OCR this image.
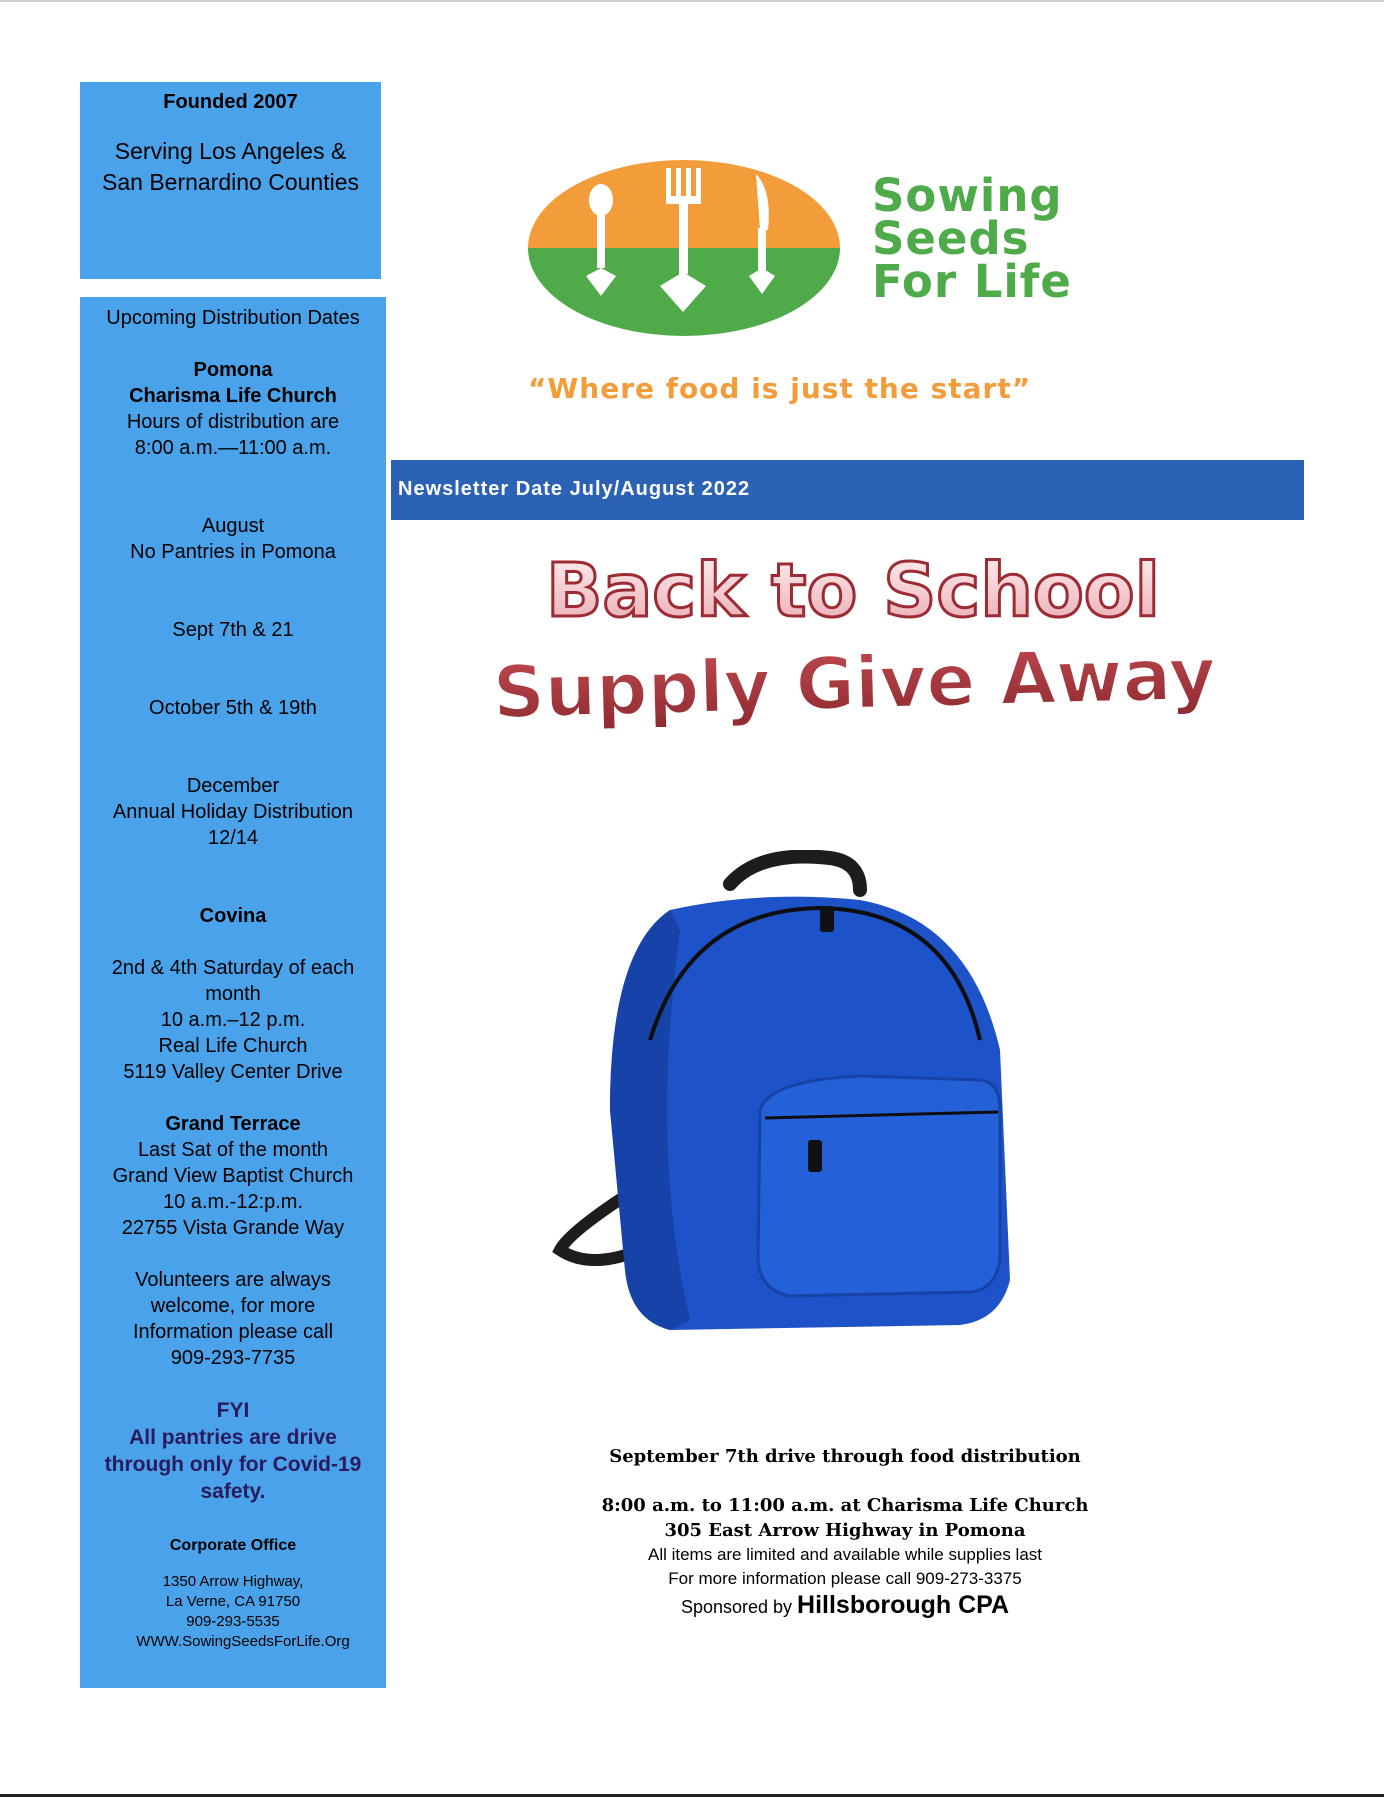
Founded 2007
Serving Los Angeles &
San Bernardino Counties
Upcoming Distribution Dates
Pomona
Charisma Life Church
Hours of distribution are
8:00 a.m.—11:00 a.m.
August
No Pantries in Pomona
Sept 7th & 21
October 5th & 19th
December
Annual Holiday Distribution
12/14
Covina
2nd & 4th Saturday of each
month
10 a.m.–12 p.m.
Real Life Church
5119 Valley Center Drive
Grand Terrace
Last Sat of the month
Grand View Baptist Church
10 a.m.-12:p.m.
22755 Vista Grande Way
Volunteers are always
welcome, for more
Information please call
909-293-7735
FYI
All pantries are drive
through only for Covid-19
safety.
Corporate Office
1350 Arrow Highway,
La Verne, CA 91750
909-293-5535
WWW.SowingSeedsForLife.Org
Sowing
Seeds
For Life
“Where food is just the start”
Newsletter Date July/August 2022
Back to School
Supply Give Away
September 7th drive through food distribution
8:00 a.m. to 11:00 a.m. at Charisma Life Church
305 East Arrow Highway in Pomona
All items are limited and available while supplies last
For more information please call 909-273-3375
Sponsored by Hillsborough CPA
